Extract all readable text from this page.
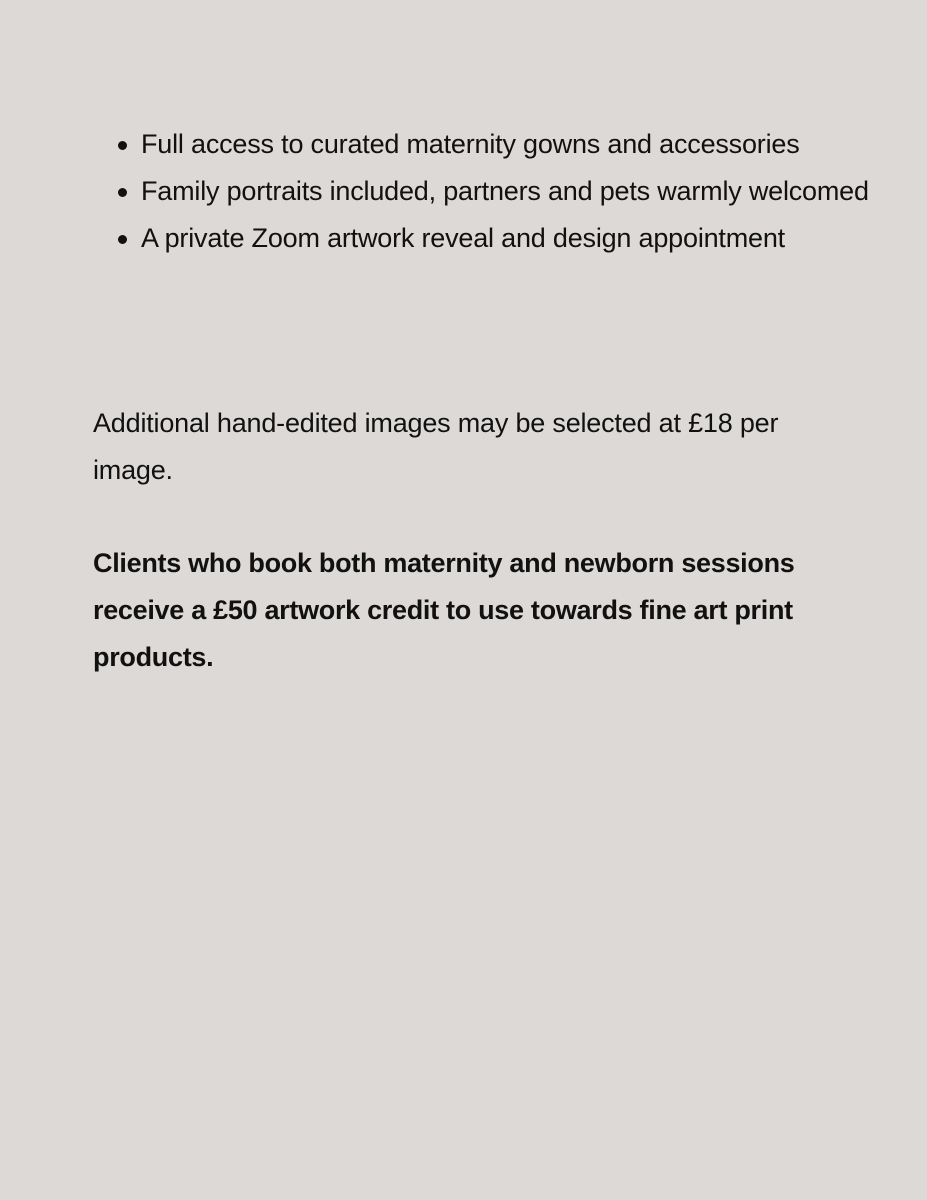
Full access to curated maternity gowns and accessories
Family portraits included, partners and pets warmly welcomed
A private Zoom artwork reveal and design appointment

Additional hand-edited images may be selected at £18 per image.

Clients who book both maternity and newborn sessions receive a £50 artwork credit to use towards fine art print products.
